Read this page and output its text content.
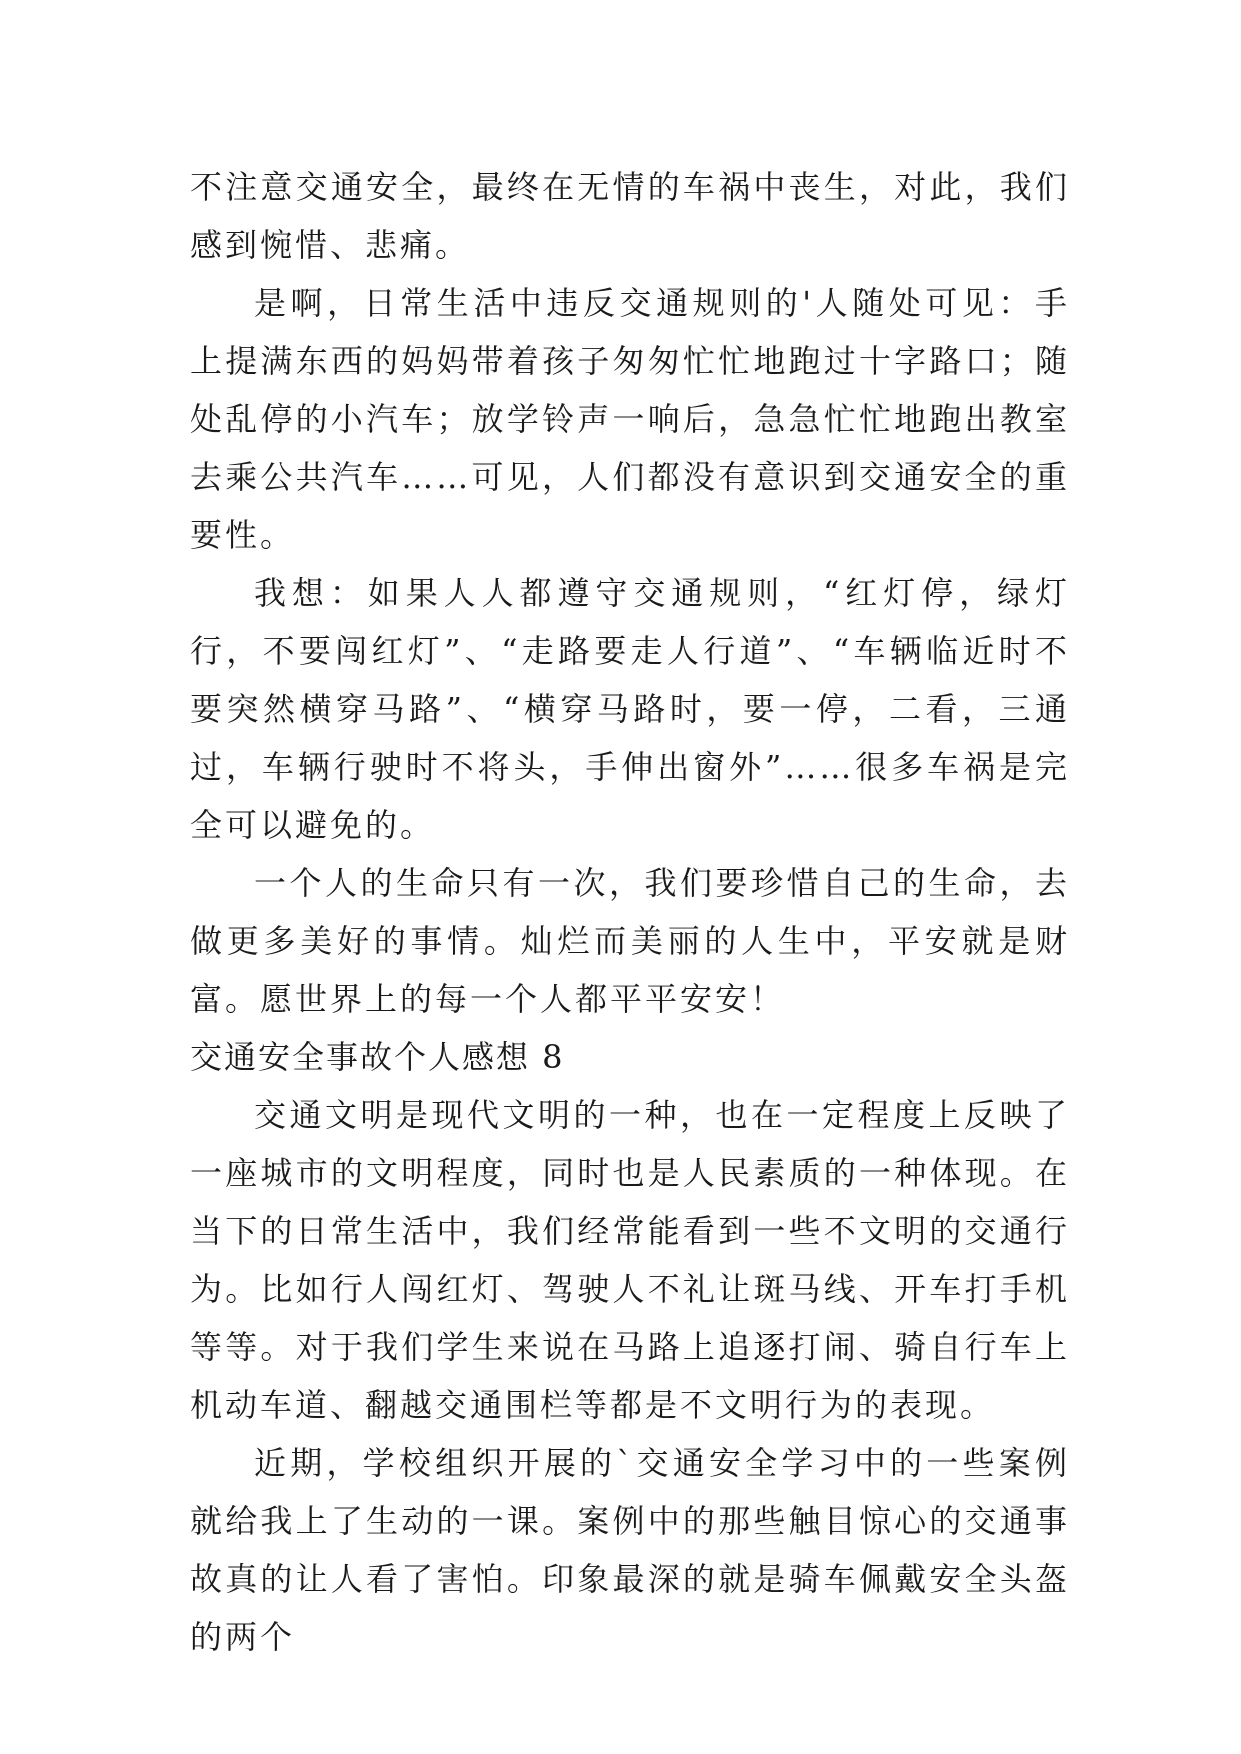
不注意交通安全，最终在无情的车祸中丧生，对此，我们感到惋惜、悲痛。

是啊，日常生活中违反交通规则的'人随处可见：手上提满东西的妈妈带着孩子匆匆忙忙地跑过十字路口；随处乱停的小汽车；放学铃声一响后，急急忙忙地跑出教室去乘公共汽车……可见，人们都没有意识到交通安全的重要性。

我想：如果人人都遵守交通规则，“红灯停，绿灯行，不要闯红灯”、“走路要走人行道”、“车辆临近时不要突然横穿马路”、“横穿马路时，要一停，二看，三通过，车辆行驶时不将头，手伸出窗外”……很多车祸是完全可以避免的。

一个人的生命只有一次，我们要珍惜自己的生命，去做更多美好的事情。灿烂而美丽的人生中，平安就是财富。愿世界上的每一个人都平平安安！

交通安全事故个人感想 8

交通文明是现代文明的一种，也在一定程度上反映了一座城市的文明程度，同时也是人民素质的一种体现。在当下的日常生活中，我们经常能看到一些不文明的交通行为。比如行人闯红灯、驾驶人不礼让斑马线、开车打手机等等。对于我们学生来说在马路上追逐打闹、骑自行车上机动车道、翻越交通围栏等都是不文明行为的表现。

近期，学校组织开展的`交通安全学习中的一些案例就给我上了生动的一课。案例中的那些触目惊心的交通事故真的让人看了害怕。印象最深的就是骑车佩戴安全头盔的两个
